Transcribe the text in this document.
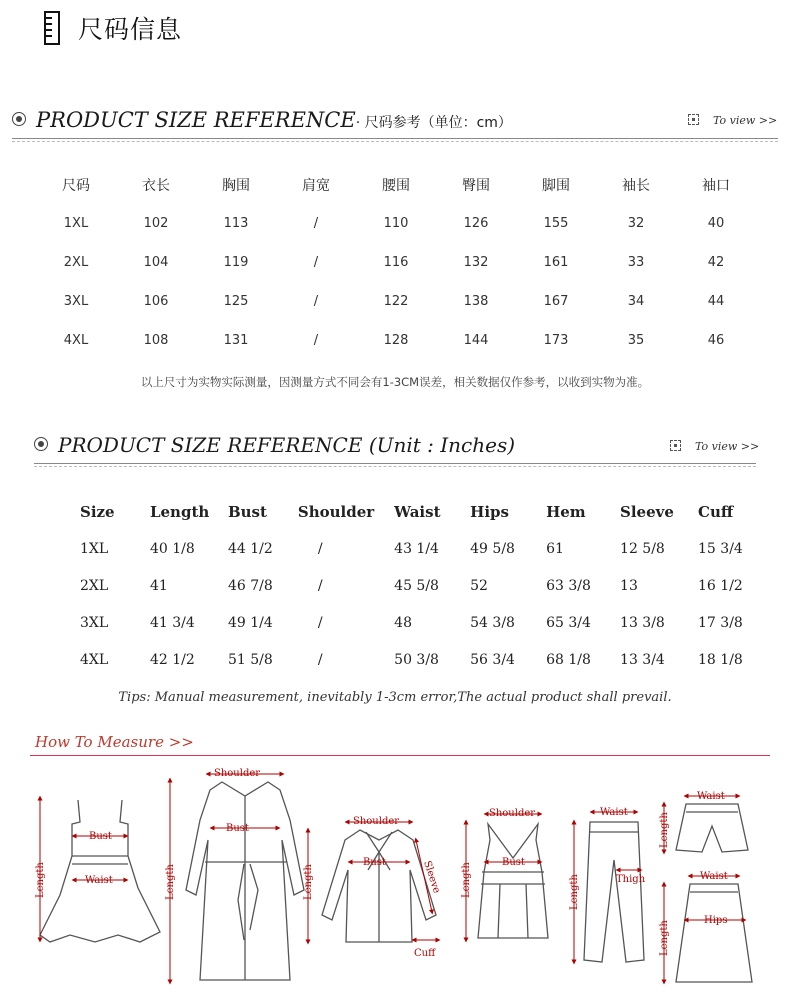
尺码信息
PRODUCT SIZE REFERENCE· 尺码参考（单位：cm）	To view >>
尺码	衣长	胸围	肩宽	腰围	臀围	脚围	袖长	袖口
1XL	102	113	/	110	126	155	32	40
2XL	104	119	/	116	132	161	33	42
3XL	106	125	/	122	138	167	34	44
4XL	108	131	/	128	144	173	35	46
以上尺寸为实物实际测量，因测量方式不同会有1-3CM误差，相关数据仅作参考，以收到实物为准。
PRODUCT SIZE REFERENCE (Unit : Inches)	To view >>
Size	Length	Bust	Shoulder	Waist	Hips	Hem	Sleeve	Cuff
1XL	40 1/8	44 1/2	/	43 1/4	49 5/8	61	12 5/8	15 3/4
2XL	41	46 7/8	/	45 5/8	52	63 3/8	13	16 1/2
3XL	41 3/4	49 1/4	/	48	54 3/8	65 3/4	13 3/8	17 3/8
4XL	42 1/2	51 5/8	/	50 3/8	56 3/4	68 1/8	13 3/4	18 1/8
Tips: Manual measurement, inevitably 1-3cm error,The actual product shall prevail.
How To Measure >>
Bust
Waist
Length
Shoulder
Bust
Length
Shoulder
Bust	Sleeve
Cuff
Length
Shoulder
Bust
Length
Waist
Thigh
Length
Waist
Length
Waist
Hips
Length
